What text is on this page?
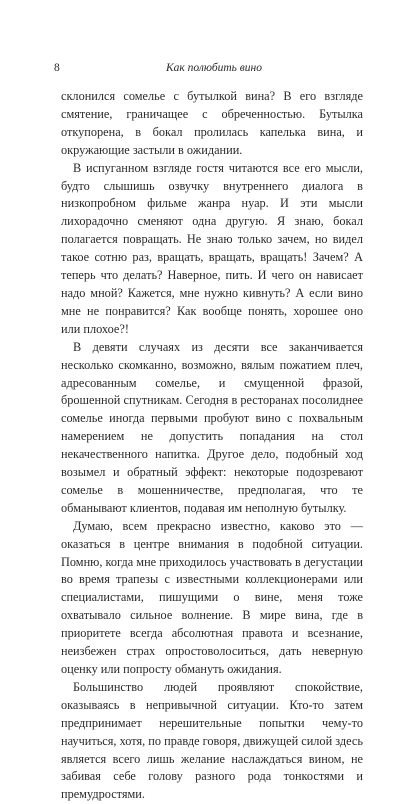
8	Как полюбить вино

склонился сомелье с бутылкой вина? В его взгляде смятение, граничащее с обреченностью. Бутылка откупорена, в бокал пролилась капелька вина, и окружающие застыли в ожидании.

В испуганном взгляде гостя читаются все его мысли, будто слышишь озвучку внутреннего диалога в низкопробном фильме жанра нуар. И эти мысли лихорадочно сменяют одна другую. Я знаю, бокал полагается повращать. Не знаю только зачем, но видел такое сотню раз, вращать, вращать, вращать! Зачем? А теперь что делать? Наверное, пить. И чего он нависает надо мной? Кажется, мне нужно кивнуть? А если вино мне не понравится? Как вообще понять, хорошее оно или плохое?!

В девяти случаях из десяти все заканчивается несколько скомканно, возможно, вялым пожатием плеч, адресованным сомелье, и смущенной фразой, брошенной спутникам. Сегодня в ресторанах посолиднее сомелье иногда первыми пробуют вино с похвальным намерением не допустить попадания на стол некачественного напитка. Другое дело, подобный ход возымел и обратный эффект: некоторые подозревают сомелье в мошенничестве, предполагая, что те обманывают клиентов, подавая им неполную бутылку.

Думаю, всем прекрасно известно, каково это — оказаться в центре внимания в подобной ситуации. Помню, когда мне приходилось участвовать в дегустации во время трапезы с известными коллекционерами или специалистами, пишущими о вине, меня тоже охватывало сильное волнение. В мире вина, где в приоритете всегда абсолютная правота и всезнание, неизбежен страх опростоволоситься, дать неверную оценку или попросту обмануть ожидания.

Большинство людей проявляют спокойствие, оказываясь в непривычной ситуации. Кто-то затем предпринимает нерешительные попытки чему-то научиться, хотя, по правде говоря, движущей силой здесь является всего лишь желание наслаждаться вином, не забивая себе голову разного рода тонкостями и премудростями.
